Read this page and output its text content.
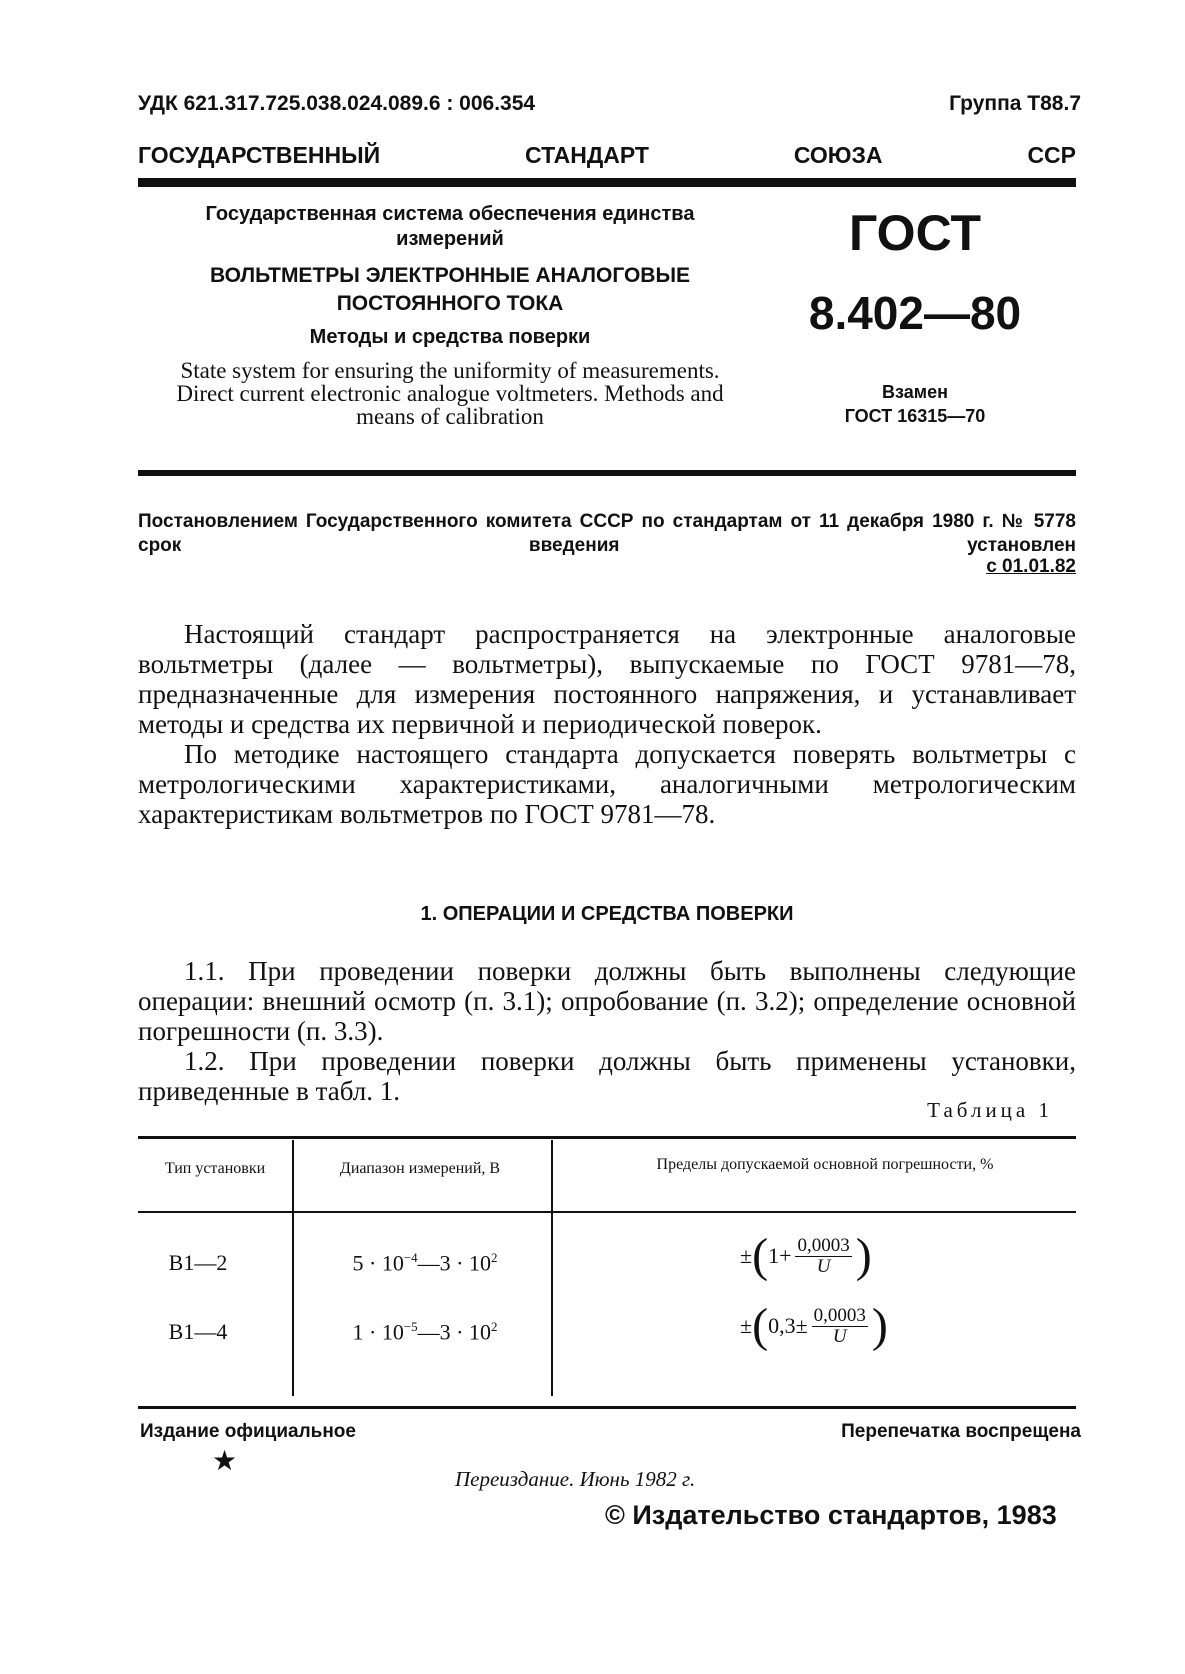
УДК 621.317.725.038.024.089.6 : 006.354	Группа Т88.7
ГОСУДАРСТВЕННЫЙ	СТАНДАРТ	СОЮЗА	ССР
Государственная система обеспечения единства измерений
ВОЛЬТМЕТРЫ ЭЛЕКТРОННЫЕ АНАЛОГОВЫЕ
ПОСТОЯННОГО ТОКА
Методы и средства поверки
State system for ensuring the uniformity of measurements. Direct current electronic analogue voltmeters. Methods and means of calibration
ГОСТ
8.402—80
Взамен
ГОСТ 16315—70
Постановлением Государственного комитета СССР по стандартам от 11 декабря 1980 г. № 5778 срок введения установлен
с 01.01.82

Настоящий стандарт распространяется на электронные аналоговые вольтметры (далее — вольтметры), выпускаемые по ГОСТ 9781—78, предназначенные для измерения постоянного напряжения, и устанавливает методы и средства их первичной и периодической поверок.

По методике настоящего стандарта допускается поверять вольтметры с метрологическими характеристиками, аналогичными метрологическим характеристикам вольтметров по ГОСТ 9781—78.

1. ОПЕРАЦИИ И СРЕДСТВА ПОВЕРКИ

1.1. При проведении поверки должны быть выполнены следующие операции: внешний осмотр (п. 3.1); опробование (п. 3.2); определение основной погрешности (п. 3.3).

1.2. При проведении поверки должны быть применены установки, приведенные в табл. 1.

Таблица 1
Тип установки	Диапазон измерений, В	Пределы допускаемой основной погрешности, %
В1—2	$5 \cdot 10^{-4}—3 \cdot 10^2$	± ( $1+ \frac{0,0003}{U}$ )
В1—4	$1 \cdot 10^{-5}—3 \cdot 10^2$	± ( $0,3\pm \frac{0,0003}{U}$ )
Издание официальное	Перепечатка воспрещена
★
Переиздание. Июнь 1982 г.
© Издательство стандартов, 1983
